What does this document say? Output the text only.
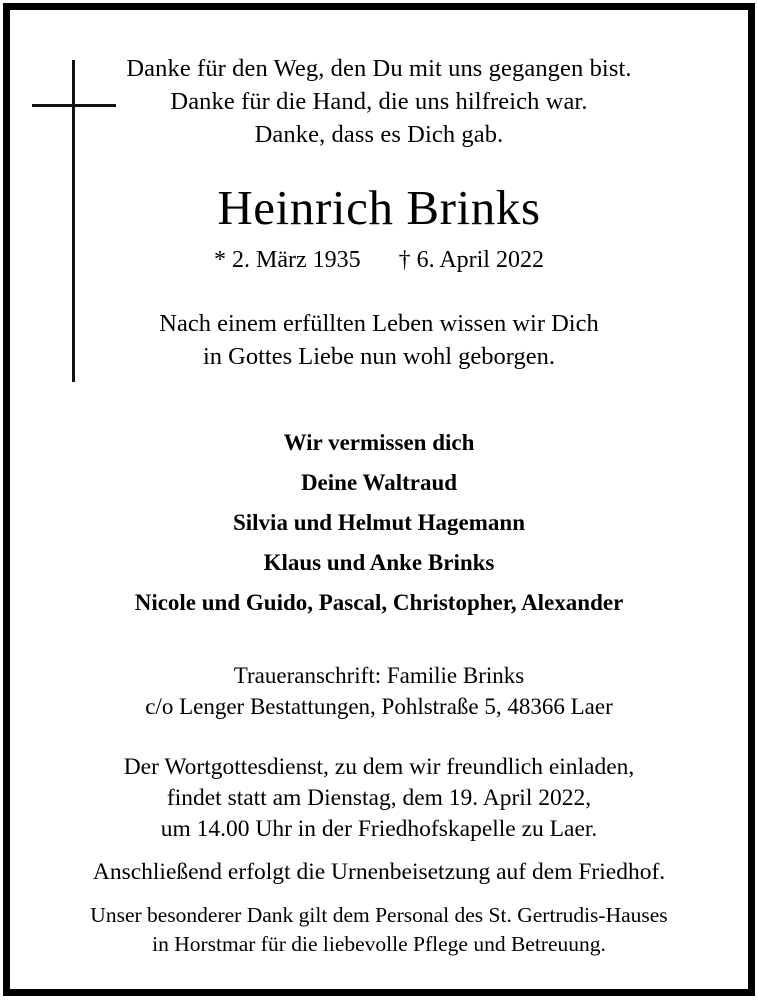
Danke für den Weg, den Du mit uns gegangen bist.
Danke für die Hand, die uns hilfreich war.
Danke, dass es Dich gab.
Heinrich Brinks
* 2. März 1935 † 6. April 2022
Nach einem erfüllten Leben wissen wir Dich
in Gottes Liebe nun wohl geborgen.
Wir vermissen dich
Deine Waltraud
Silvia und Helmut Hagemann
Klaus und Anke Brinks
Nicole und Guido, Pascal, Christopher, Alexander
Traueranschrift: Familie Brinks
c/o Lenger Bestattungen, Pohlstraße 5, 48366 Laer
Der Wortgottesdienst, zu dem wir freundlich einladen,
findet statt am Dienstag, dem 19. April 2022,
um 14.00 Uhr in der Friedhofskapelle zu Laer.
Anschließend erfolgt die Urnenbeisetzung auf dem Friedhof.
Unser besonderer Dank gilt dem Personal des St. Gertrudis-Hauses
in Horstmar für die liebevolle Pflege und Betreuung.
